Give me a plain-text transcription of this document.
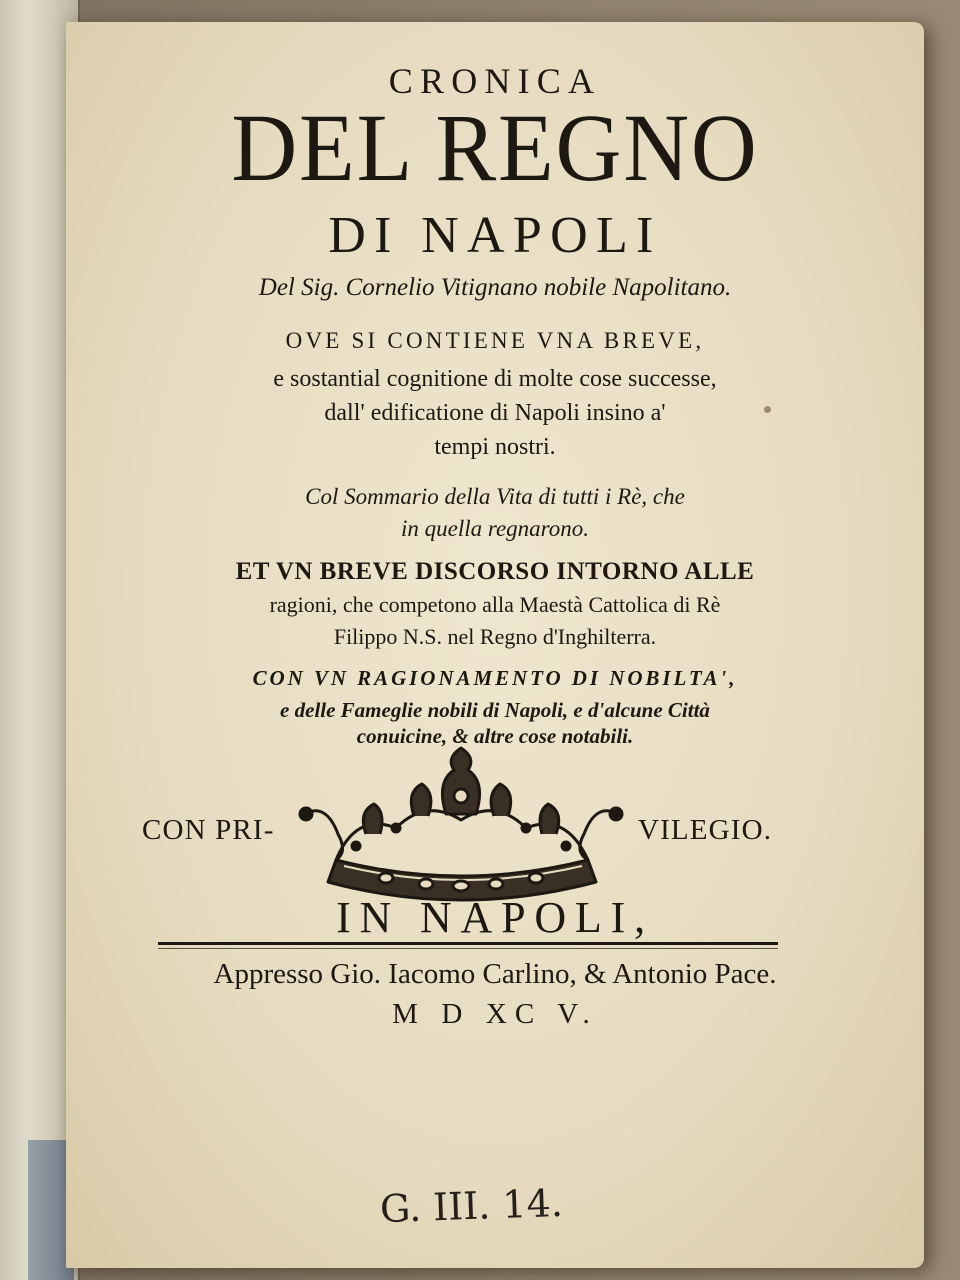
CRONICA
DEL REGNO
DI NAPOLI
Del Sig. Cornelio Vitignano nobile Napolitano.
OVE SI CONTIENE VNA BREVE,
e sostantial cognitione di molte cose successe,
dall' edificatione di Napoli insino a'
tempi nostri.
Col Sommario della Vita di tutti i Rè, che
in quella regnarono.
ET VN BREVE DISCORSO INTORNO ALLE
ragioni, che competono alla Maestà Cattolica di Rè
Filippo N.S. nel Regno d'Inghilterra.
CON VN RAGIONAMENTO DI NOBILTA',
e delle Fameglie nobili di Napoli, e d'alcune Città
conuicine, & altre cose notabili.
CON PRI-	VILEGIO.
IN NAPOLI,
Appresso Gio. Iacomo Carlino, & Antonio Pace.
M D XC V.
G. III. 14.
